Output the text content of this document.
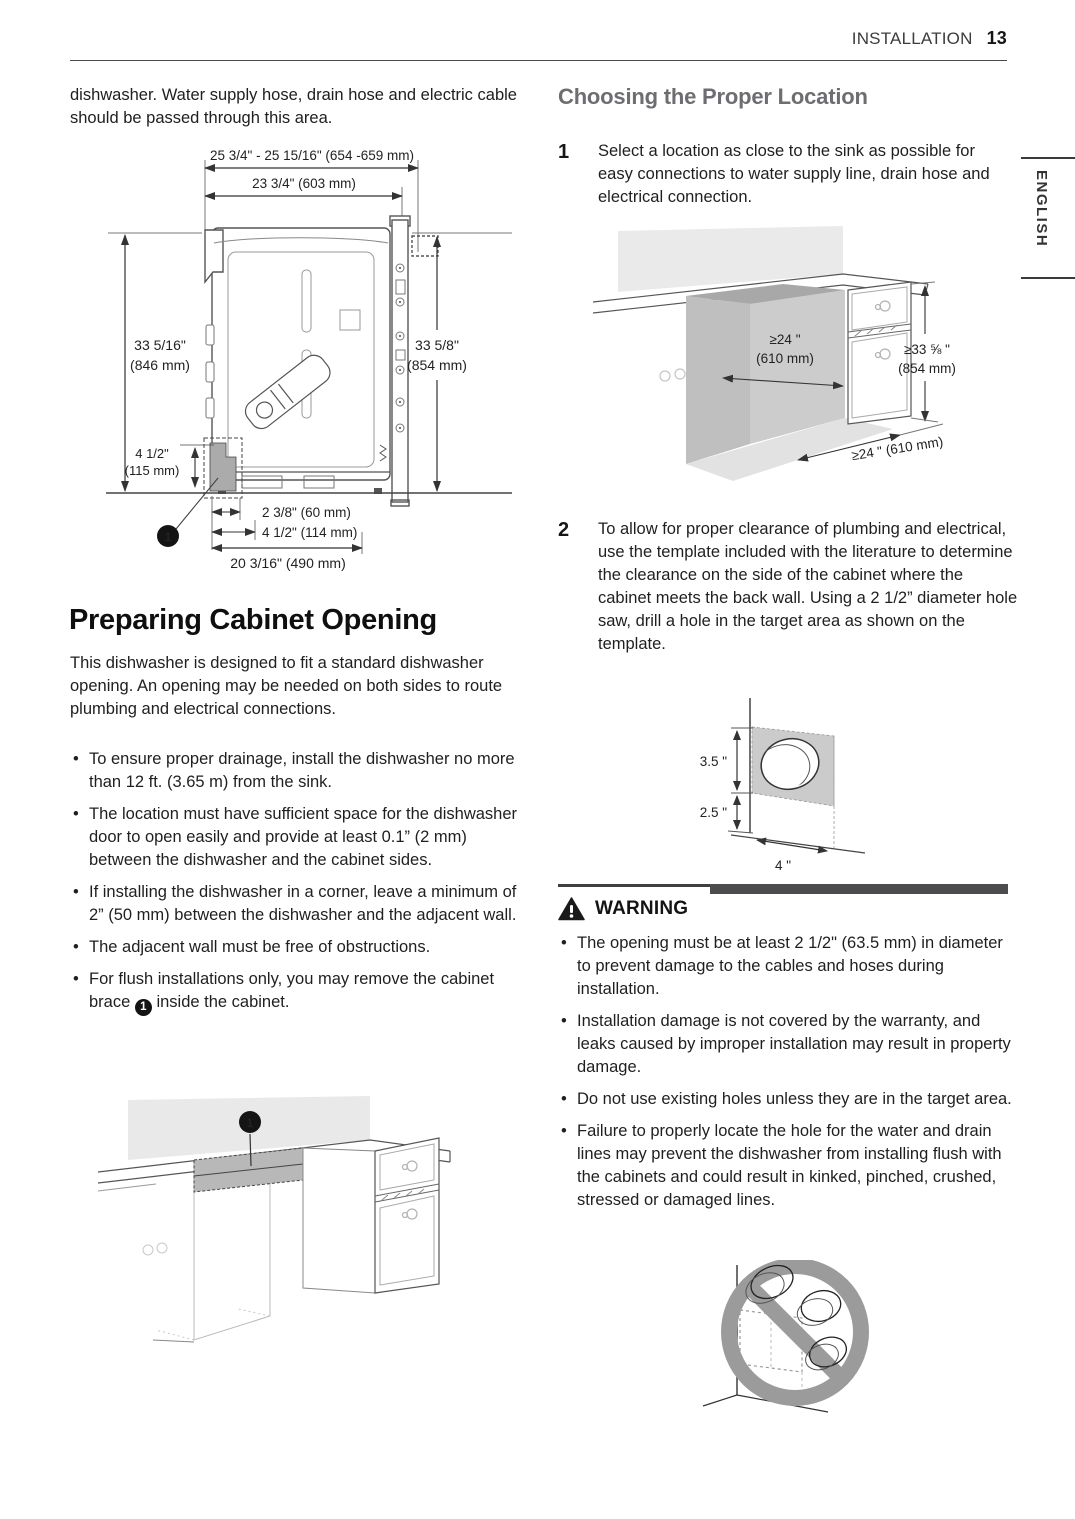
INSTALLATION 13
ENGLISH
dishwasher. Water supply hose, drain hose and electric cable should be passed through this area.
25 3/4" - 25 15/16" (654 -659 mm)
23 3/4" (603 mm)
33 5/16"
(846 mm)
33 5/8"
(854 mm)
4 1/2"
(115 mm)
1
2 3/8" (60 mm)
4 1/2" (114 mm)
20 3/16" (490 mm)
Preparing Cabinet Opening
This dishwasher is designed to fit a standard dishwasher opening. An opening may be needed on both sides to route plumbing and electrical connections.
• To ensure proper drainage, install the dishwasher no more than 12 ft. (3.65 m) from the sink.
• The location must have sufficient space for the dishwasher door to open easily and provide at least 0.1” (2 mm) between the dishwasher and the cabinet sides.
• If installing the dishwasher in a corner, leave a minimum of 2” (50 mm) between the dishwasher and the adjacent wall.
• The adjacent wall must be free of obstructions.
• For flush installations only, you may remove the cabinet brace 1 inside the cabinet.
1
Choosing the Proper Location
1	Select a location as close to the sink as possible for easy connections to water supply line, drain hose and electrical connection.
≥24 "
(610 mm)
≥33 ⅝ "
(854 mm)
≥24 " (610 mm)
2	To allow for proper clearance of plumbing and electrical, use the template included with the literature to determine the clearance on the side of the cabinet where the cabinet meets the back wall. Using a 2 1/2” diameter hole saw, drill a hole in the target area as shown on the template.
3.5 "
2.5 "
4 "
WARNING
• The opening must be at least 2 1/2" (63.5 mm) in diameter to prevent damage to the cables and hoses during installation.
• Installation damage is not covered by the warranty, and leaks caused by improper installation may result in property damage.
• Do not use existing holes unless they are in the target area.
• Failure to properly locate the hole for the water and drain lines may prevent the dishwasher from installing flush with the cabinets and could result in kinked, pinched, crushed, stressed or damaged lines.
